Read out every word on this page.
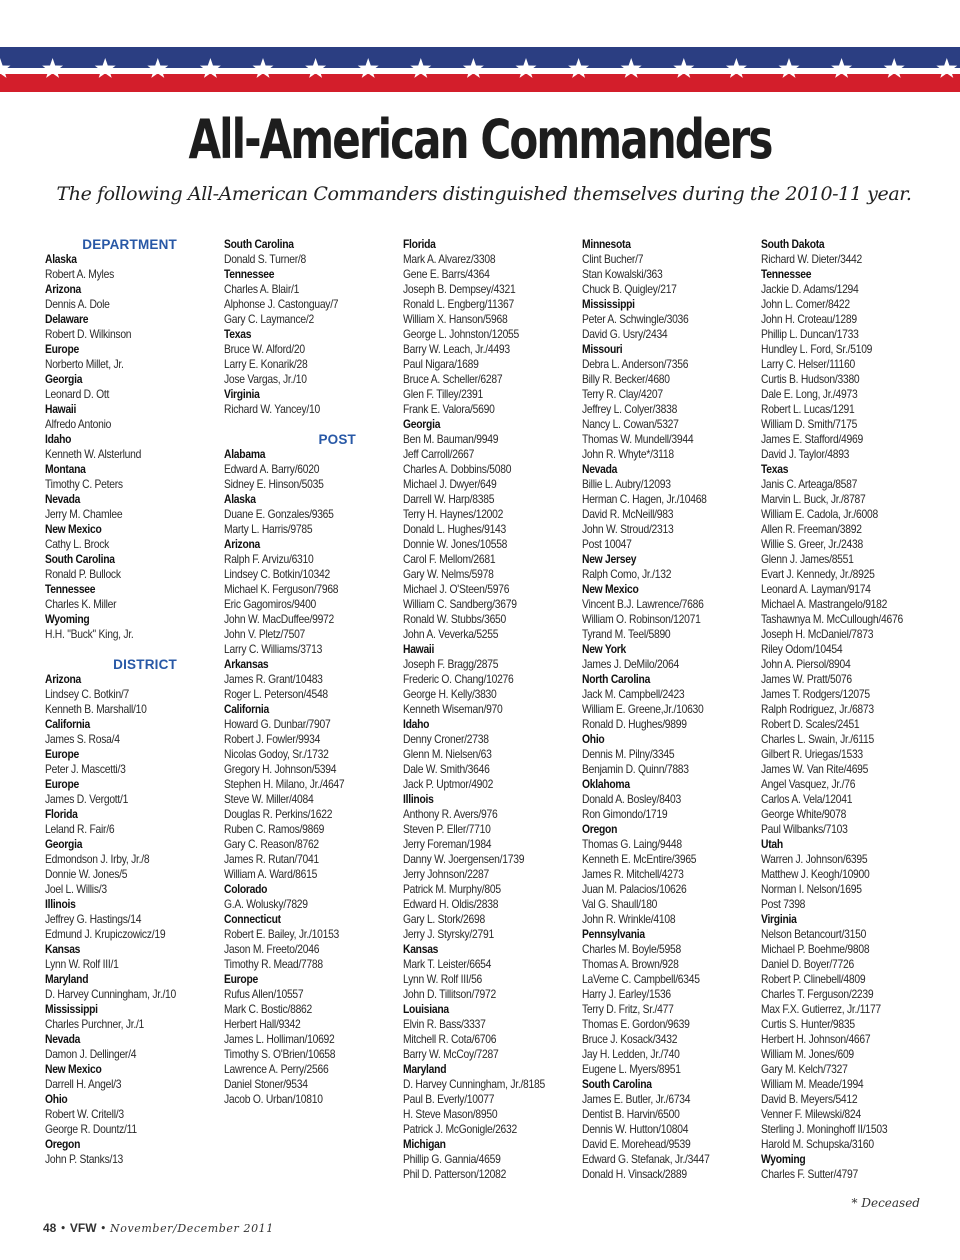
All-American Commanders
The following All-American Commanders distinguished themselves during the 2010-11 year.
DEPARTMENT
Alaska
Robert A. Myles
Arizona
Dennis A. Dole
Delaware
Robert D. Wilkinson
Europe
Norberto Millet, Jr.
Georgia
Leonard D. Ott
Hawaii
Alfredo Antonio
Idaho
Kenneth W. Alsterlund
Montana
Timothy C. Peters
Nevada
Jerry M. Chamlee
New Mexico
Cathy L. Brock
South Carolina
Ronald P. Bullock
Tennessee
Charles K. Miller
Wyoming
H.H. "Buck" King, Jr.
DISTRICT
Arizona
Lindsey C. Botkin/7
Kenneth B. Marshall/10
California
James S. Rosa/4
Europe
Peter J. Mascetti/3
Europe
James D. Vergott/1
Florida
Leland R. Fair/6
Georgia
Edmondson J. Irby, Jr./8
Donnie W. Jones/5
Joel L. Willis/3
Illinois
Jeffrey G. Hastings/14
Edmund J. Krupiczowicz/19
Kansas
Lynn W. Rolf III/1
Maryland
D. Harvey Cunningham, Jr./10
Mississippi
Charles Purchner, Jr./1
Nevada
Damon J. Dellinger/4
New Mexico
Darrell H. Angel/3
Ohio
Robert W. Critell/3
George R. Dountz/11
Oregon
John P. Stanks/13
South Carolina
Donald S. Turner/8
Tennessee
Charles A. Blair/1
Alphonse J. Castonguay/7
Gary C. Laymance/2
Texas
Bruce W. Alford/20
Larry E. Konarik/28
Jose Vargas, Jr./10
Virginia
Richard W. Yancey/10
POST
Alabama
Edward A. Barry/6020
Sidney E. Hinson/5035
Alaska
Duane E. Gonzales/9365
Marty L. Harris/9785
Arizona
Ralph F. Arvizu/6310
Lindsey C. Botkin/10342
Michael K. Ferguson/7968
Eric Gagomiros/9400
John W. MacDuffee/9972
John V. Pletz/7507
Larry C. Williams/3713
Arkansas
James R. Grant/10483
Roger L. Peterson/4548
California
Howard G. Dunbar/7907
Robert J. Fowler/9934
Nicolas Godoy, Sr./1732
Gregory H. Johnson/5394
Stephen H. Milano, Jr./4647
Steve W. Miller/4084
Douglas R. Perkins/1622
Ruben C. Ramos/9869
Gary C. Reason/8762
James R. Rutan/7041
William A. Ward/8615
Colorado
G.A. Wolusky/7829
Connecticut
Robert E. Bailey, Jr./10153
Jason M. Freeto/2046
Timothy R. Mead/7788
Europe
Rufus Allen/10557
Mark C. Bostic/8862
Herbert Hall/9342
James L. Holliman/10692
Timothy S. O'Brien/10658
Lawrence A. Perry/2566
Daniel Stoner/9534
Jacob O. Urban/10810
Florida
Mark A. Alvarez/3308
Gene E. Barrs/4364
Joseph B. Dempsey/4321
Ronald L. Engberg/11367
William X. Hanson/5968
George L. Johnston/12055
Barry W. Leach, Jr./4493
Paul Nigara/1689
Bruce A. Scheller/6287
Glen F. Tilley/2391
Frank E. Valora/5690
Georgia
Ben M. Bauman/9949
Jeff Carroll/2667
Charles A. Dobbins/5080
Michael J. Dwyer/649
Darrell W. Harp/8385
Terry H. Haynes/12002
Donald L. Hughes/9143
Donnie W. Jones/10558
Carol F. Mellom/2681
Gary W. Nelms/5978
Michael J. O'Steen/5976
William C. Sandberg/3679
Ronald W. Stubbs/3650
John A. Veverka/5255
Hawaii
Joseph F. Bragg/2875
Frederic O. Chang/10276
George H. Kelly/3830
Kenneth Wiseman/970
Idaho
Denny Croner/2738
Glenn M. Nielsen/63
Dale W. Smith/3646
Jack P. Uptmor/4902
Illinois
Anthony R. Avers/976
Steven P. Eller/7710
Jerry Foreman/1984
Danny W. Joergensen/1739
Jerry Johnson/2287
Patrick M. Murphy/805
Edward H. Oldis/2838
Gary L. Stork/2698
Jerry J. Styrsky/2791
Kansas
Mark T. Leister/6654
Lynn W. Rolf III/56
John D. Tillitson/7972
Louisiana
Elvin R. Bass/3337
Mitchell R. Cota/6706
Barry W. McCoy/7287
Maryland
D. Harvey Cunningham, Jr./8185
Paul B. Everly/10077
H. Steve Mason/8950
Patrick J. McGonigle/2632
Michigan
Phillip G. Gannia/4659
Phil D. Patterson/12082
Minnesota
Clint Bucher/7
Stan Kowalski/363
Chuck B. Quigley/217
Mississippi
Peter A. Schwingle/3036
David G. Usry/2434
Missouri
Debra L. Anderson/7356
Billy R. Becker/4680
Terry R. Clay/4207
Jeffrey L. Colyer/3838
Nancy L. Cowan/5327
Thomas W. Mundell/3944
John R. Whyte*/3118
Nevada
Billie L. Aubry/12093
Herman C. Hagen, Jr./10468
David R. McNeill/983
John W. Stroud/2313
Post 10047
New Jersey
Ralph Como, Jr./132
New Mexico
Vincent B.J. Lawrence/7686
William O. Robinson/12071
Tyrand M. Teel/5890
New York
James J. DeMilo/2064
North Carolina
Jack M. Campbell/2423
William E. Greene,Jr./10630
Ronald D. Hughes/9899
Ohio
Dennis M. Pilny/3345
Benjamin D. Quinn/7883
Oklahoma
Donald A. Bosley/8403
Ron Gimondo/1719
Oregon
Thomas G. Laing/9448
Kenneth E. McEntire/3965
James R. Mitchell/4273
Juan M. Palacios/10626
Val G. Shaull/180
John R. Wrinkle/4108
Pennsylvania
Charles M. Boyle/5958
Thomas A. Brown/928
LaVerne C. Campbell/6345
Harry J. Earley/1536
Terry D. Fritz, Sr./477
Thomas E. Gordon/9639
Bruce J. Kosack/3432
Jay H. Ledden, Jr./740
Eugene L. Myers/8951
South Carolina
James E. Butler, Jr./6734
Dentist B. Harvin/6500
Dennis W. Hutton/10804
David E. Morehead/9539
Edward G. Stefanak, Jr./3447
Donald H. Vinsack/2889
South Dakota
Richard W. Dieter/3442
Tennessee
Jackie D. Adams/1294
John L. Comer/8422
John H. Croteau/1289
Phillip L. Duncan/1733
Hundley L. Ford, Sr./5109
Larry C. Helser/11160
Curtis B. Hudson/3380
Dale E. Long, Jr./4973
Robert L. Lucas/1291
William D. Smith/7175
James E. Stafford/4969
David J. Taylor/4893
Texas
Janis C. Arteaga/8587
Marvin L. Buck, Jr./8787
William E. Cadola, Jr./6008
Allen R. Freeman/3892
Willie S. Greer, Jr./2438
Glenn J. James/8551
Evart J. Kennedy, Jr./8925
Leonard A. Layman/9174
Michael A. Mastrangelo/9182
Tashawnya M. McCullough/4676
Joseph H. McDaniel/7873
Riley Odom/10454
John A. Piersol/8904
James W. Pratt/5076
James T. Rodgers/12075
Ralph Rodriguez, Jr./6873
Robert D. Scales/2451
Charles L. Swain, Jr./6115
Gilbert R. Uriegas/1533
James W. Van Rite/4695
Angel Vasquez, Jr./76
Carlos A. Vela/12041
George White/9078
Paul Wilbanks/7103
Utah
Warren J. Johnson/6395
Matthew J. Keogh/10900
Norman I. Nelson/1695
Post 7398
Virginia
Nelson Betancourt/3150
Michael P. Boehme/9808
Daniel D. Boyer/7726
Robert P. Clinebell/4809
Charles T. Ferguson/2239
Max F.X. Gutierrez, Jr./1177
Curtis S. Hunter/9835
Herbert H. Johnson/4667
William M. Jones/609
Gary M. Kelch/7327
William M. Meade/1994
David B. Meyers/5412
Venner F. Milewski/824
Sterling J. Moninghoff II/1503
Harold M. Schupska/3160
Wyoming
Charles F. Sutter/4797
* Deceased
48 • VFW • November/December 2011
